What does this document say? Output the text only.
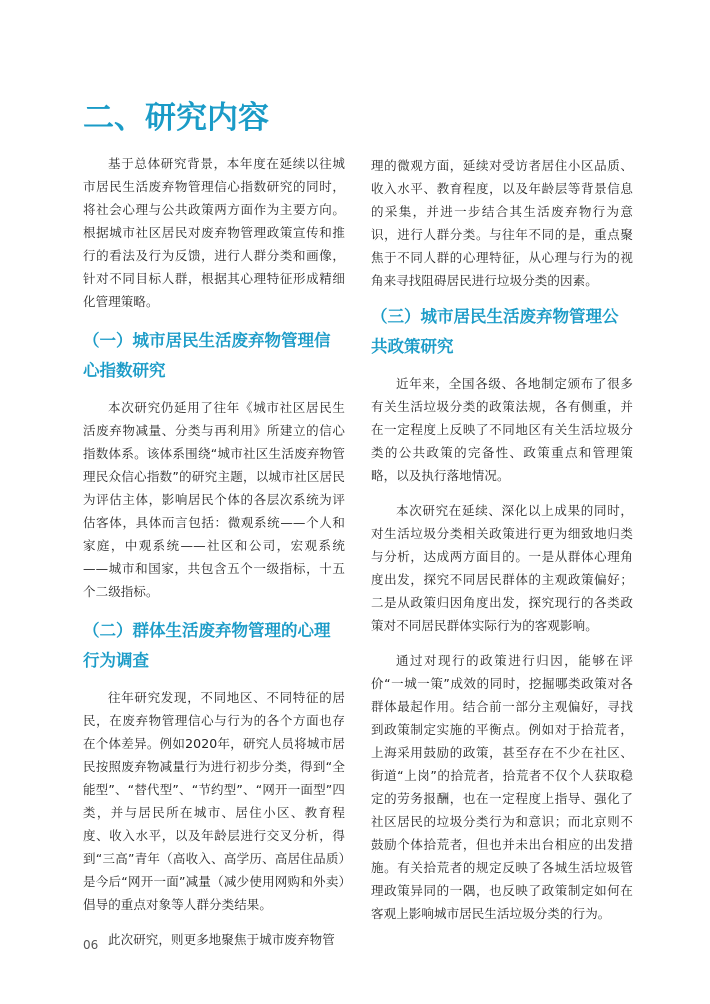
二、研究内容

基于总体研究背景，本年度在延续以往城市居民生活废弃物管理信心指数研究的同时，将社会心理与公共政策两方面作为主要方向。根据城市社区居民对废弃物管理政策宣传和推行的看法及行为反馈，进行人群分类和画像，针对不同目标人群，根据其心理特征形成精细化管理策略。

（一）城市居民生活废弃物管理信心指数研究

本次研究仍延用了往年《城市社区居民生活废弃物减量、分类与再利用》所建立的信心指数体系。该体系围绕“城市社区生活废弃物管理民众信心指数”的研究主题，以城市社区居民为评估主体，影响居民个体的各层次系统为评估客体，具体而言包括：微观系统——个人和家庭，中观系统——社区和公司，宏观系统——城市和国家，共包含五个一级指标，十五个二级指标。

（二）群体生活废弃物管理的心理行为调查

往年研究发现，不同地区、不同特征的居民，在废弃物管理信心与行为的各个方面也存在个体差异。例如2020年，研究人员将城市居民按照废弃物减量行为进行初步分类，得到“全能型”、“替代型”、“节约型”、“网开一面型”四类，并与居民所在城市、居住小区、教育程度、收入水平，以及年龄层进行交叉分析，得到“三高”青年（高收入、高学历、高居住品质）是今后“网开一面”减量（减少使用网购和外卖）倡导的重点对象等人群分类结果。

此次研究，则更多地聚焦于城市废弃物管

理的微观方面，延续对受访者居住小区品质、收入水平、教育程度，以及年龄层等背景信息的采集，并进一步结合其生活废弃物行为意识，进行人群分类。与往年不同的是，重点聚焦于不同人群的心理特征，从心理与行为的视角来寻找阻碍居民进行垃圾分类的因素。

（三）城市居民生活废弃物管理公共政策研究

近年来，全国各级、各地制定颁布了很多有关生活垃圾分类的政策法规，各有侧重，并在一定程度上反映了不同地区有关生活垃圾分类的公共政策的完备性、政策重点和管理策略，以及执行落地情况。

本次研究在延续、深化以上成果的同时，对生活垃圾分类相关政策进行更为细致地归类与分析，达成两方面目的。一是从群体心理角度出发，探究不同居民群体的主观政策偏好；二是从政策归因角度出发，探究现行的各类政策对不同居民群体实际行为的客观影响。

通过对现行的政策进行归因，能够在评价“一城一策”成效的同时，挖掘哪类政策对各群体最起作用。结合前一部分主观偏好，寻找到政策制定实施的平衡点。例如对于拾荒者，上海采用鼓励的政策，甚至存在不少在社区、街道“上岗”的拾荒者，拾荒者不仅个人获取稳定的劳务报酬，也在一定程度上指导、强化了社区居民的垃圾分类行为和意识；而北京则不鼓励个体拾荒者，但也并未出台相应的出发措施。有关拾荒者的规定反映了各城生活垃圾管理政策异同的一隅，也反映了政策制定如何在客观上影响城市居民生活垃圾分类的行为。

06
